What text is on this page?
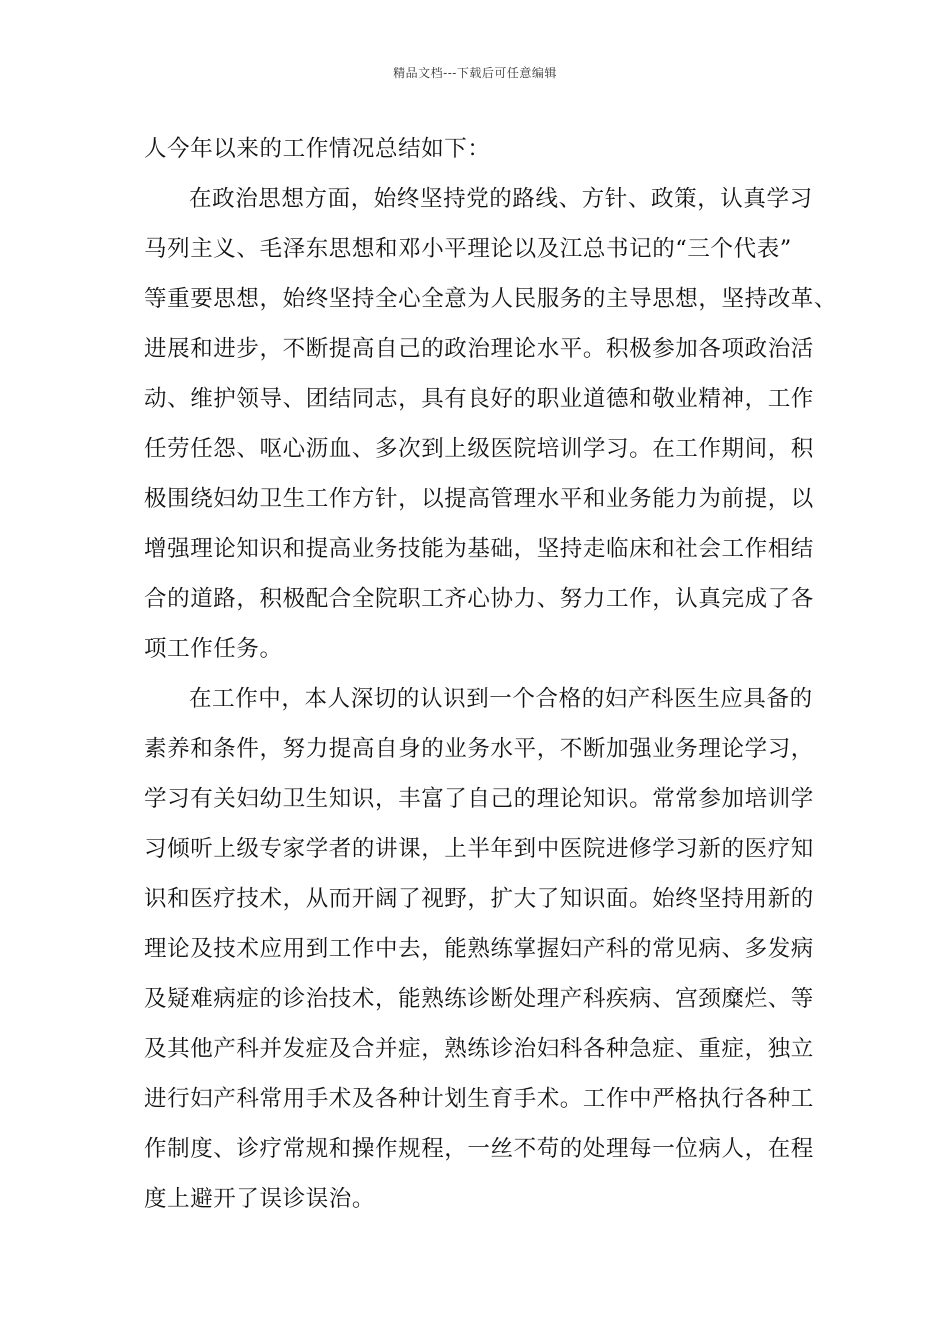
精品文档---下载后可任意编辑
人今年以来的工作情况总结如下：
在政治思想方面，始终坚持党的路线、方针、政策，认真学习
马列主义、毛泽东思想和邓小平理论以及江总书记的“三个代表”
等重要思想，始终坚持全心全意为人民服务的主导思想，坚持改革、
进展和进步，不断提高自己的政治理论水平。积极参加各项政治活
动、维护领导、团结同志，具有良好的职业道德和敬业精神，工作
任劳任怨、呕心沥血、多次到上级医院培训学习。在工作期间，积
极围绕妇幼卫生工作方针，以提高管理水平和业务能力为前提，以
增强理论知识和提高业务技能为基础，坚持走临床和社会工作相结
合的道路，积极配合全院职工齐心协力、努力工作，认真完成了各
项工作任务。
在工作中，本人深切的认识到一个合格的妇产科医生应具备的
素养和条件，努力提高自身的业务水平，不断加强业务理论学习，
学习有关妇幼卫生知识，丰富了自己的理论知识。常常参加培训学
习倾听上级专家学者的讲课，上半年到中医院进修学习新的医疗知
识和医疗技术，从而开阔了视野，扩大了知识面。始终坚持用新的
理论及技术应用到工作中去，能熟练掌握妇产科的常见病、多发病
及疑难病症的诊治技术，能熟练诊断处理产科疾病、宫颈糜烂、等
及其他产科并发症及合并症，熟练诊治妇科各种急症、重症，独立
进行妇产科常用手术及各种计划生育手术。工作中严格执行各种工
作制度、诊疗常规和操作规程，一丝不苟的处理每一位病人，在程
度上避开了误诊误治。
